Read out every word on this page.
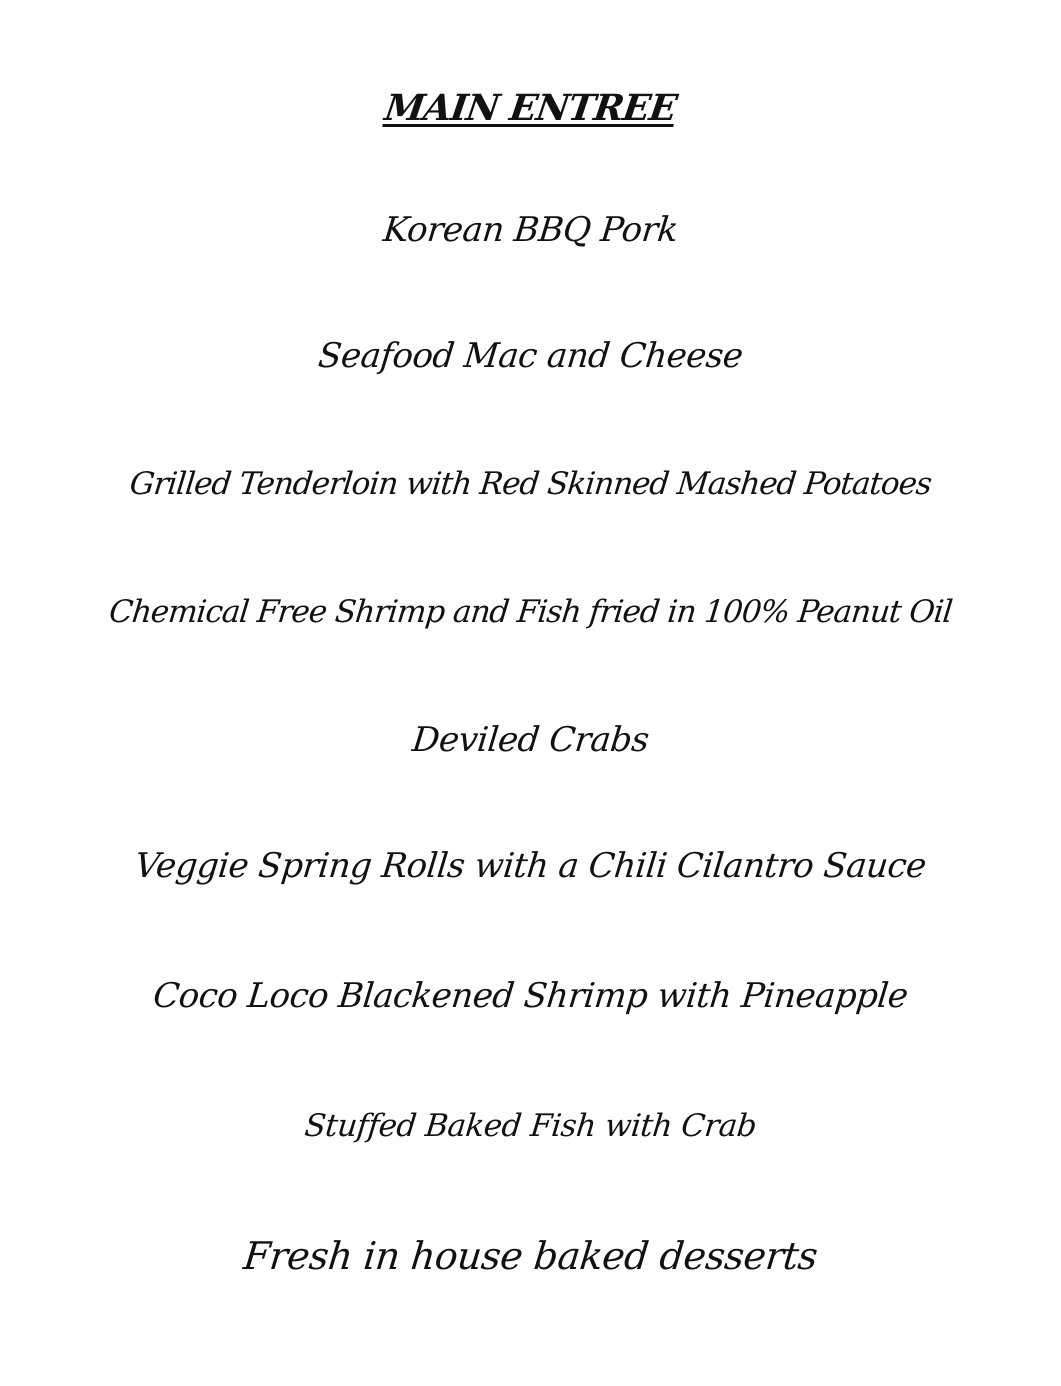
MAIN ENTREE
Korean BBQ Pork
Seafood Mac and Cheese
Grilled Tenderloin with Red Skinned Mashed Potatoes
Chemical Free Shrimp and Fish fried in 100% Peanut Oil
Deviled Crabs
Veggie Spring Rolls with a Chili Cilantro Sauce
Coco Loco Blackened Shrimp with Pineapple
Stuffed Baked Fish with Crab
Fresh in house baked desserts
